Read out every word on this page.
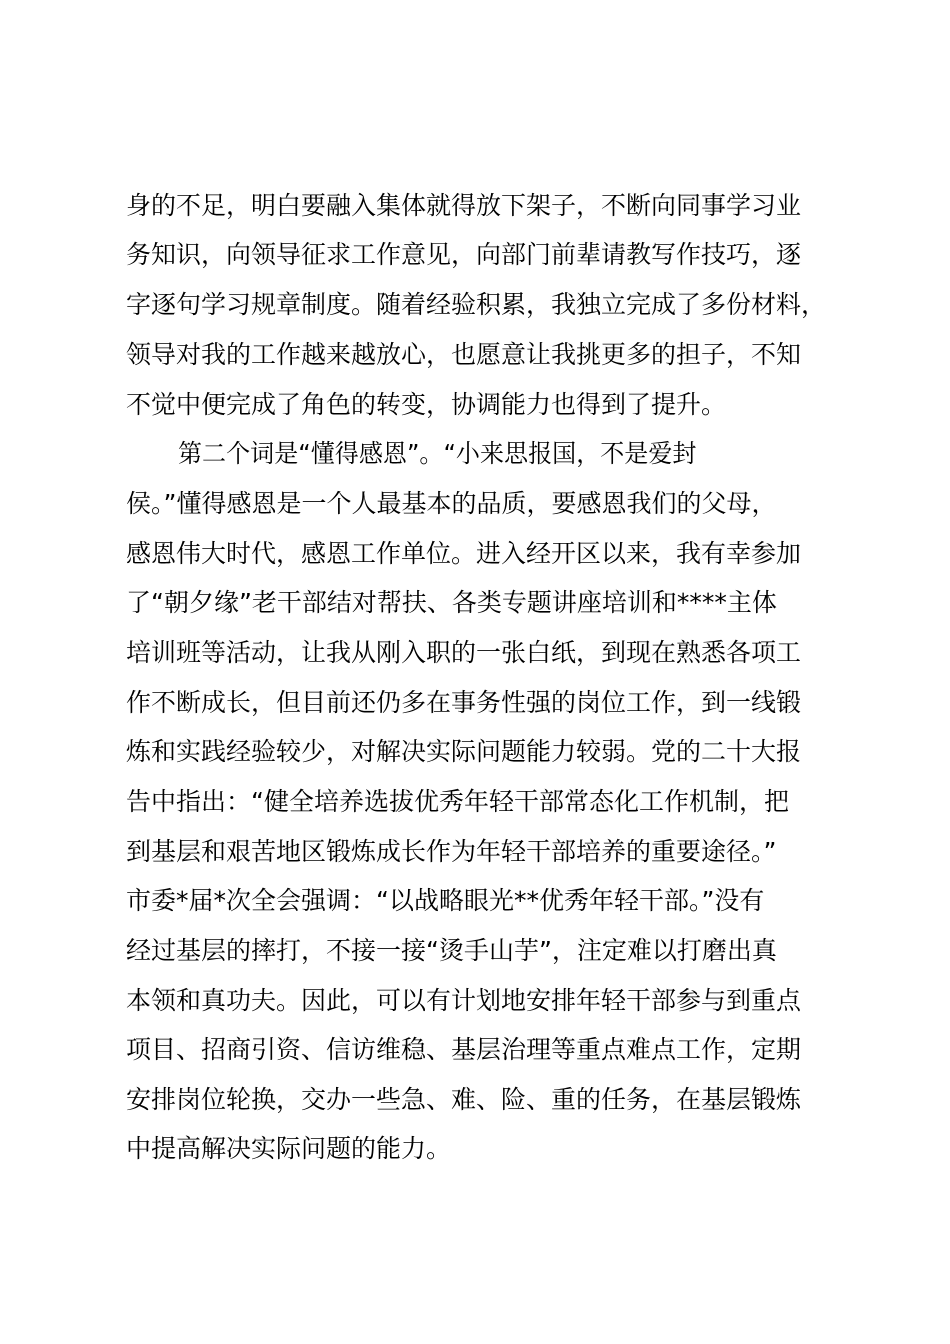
身的不足，明白要融入集体就得放下架子，不断向同事学习业
务知识，向领导征求工作意见，向部门前辈请教写作技巧，逐
字逐句学习规章制度。随着经验积累，我独立完成了多份材料，
领导对我的工作越来越放心，也愿意让我挑更多的担子，不知
不觉中便完成了角色的转变，协调能力也得到了提升。
第二个词是“懂得感恩”。“小来思报国，不是爱封
侯。”懂得感恩是一个人最基本的品质，要感恩我们的父母，
感恩伟大时代，感恩工作单位。进入经开区以来，我有幸参加
了“朝夕缘”老干部结对帮扶、各类专题讲座培训和****主体
培训班等活动，让我从刚入职的一张白纸，到现在熟悉各项工
作不断成长，但目前还仍多在事务性强的岗位工作，到一线锻
炼和实践经验较少，对解决实际问题能力较弱。党的二十大报
告中指出：“健全培养选拔优秀年轻干部常态化工作机制，把
到基层和艰苦地区锻炼成长作为年轻干部培养的重要途径。”
市委*届*次全会强调：“以战略眼光**优秀年轻干部。”没有
经过基层的摔打，不接一接“烫手山芋”，注定难以打磨出真
本领和真功夫。因此，可以有计划地安排年轻干部参与到重点
项目、招商引资、信访维稳、基层治理等重点难点工作，定期
安排岗位轮换，交办一些急、难、险、重的任务，在基层锻炼
中提高解决实际问题的能力。
